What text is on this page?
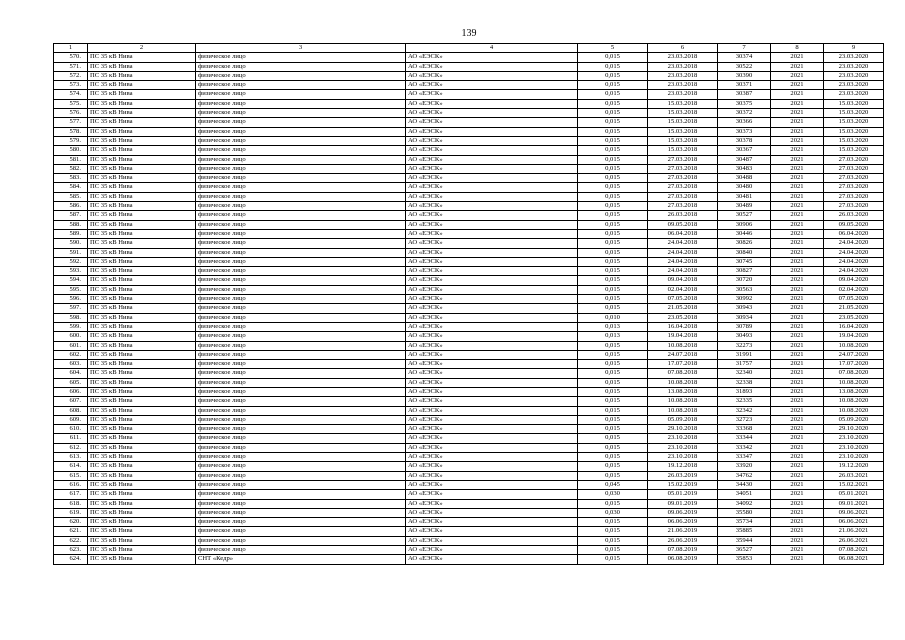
139
1	2	3	4	5	6	7	8	9
570.	ПС 35 кВ Нива	физическое лицо	АО «ЕЭСК»	0,015	23.03.2018	30374	2021	23.03.2020
571.	ПС 35 кВ Нива	физическое лицо	АО «ЕЭСК»	0,015	23.03.2018	30522	2021	23.03.2020
572.	ПС 35 кВ Нива	физическое лицо	АО «ЕЭСК»	0,015	23.03.2018	30390	2021	23.03.2020
573.	ПС 35 кВ Нива	физическое лицо	АО «ЕЭСК»	0,015	23.03.2018	30371	2021	23.03.2020
574.	ПС 35 кВ Нива	физическое лицо	АО «ЕЭСК»	0,015	23.03.2018	30387	2021	23.03.2020
575.	ПС 35 кВ Нива	физическое лицо	АО «ЕЭСК»	0,015	15.03.2018	30375	2021	15.03.2020
576.	ПС 35 кВ Нива	физическое лицо	АО «ЕЭСК»	0,015	15.03.2018	30372	2021	15.03.2020
577.	ПС 35 кВ Нива	физическое лицо	АО «ЕЭСК»	0,015	15.03.2018	30366	2021	15.03.2020
578.	ПС 35 кВ Нива	физическое лицо	АО «ЕЭСК»	0,015	15.03.2018	30373	2021	15.03.2020
579.	ПС 35 кВ Нива	физическое лицо	АО «ЕЭСК»	0,015	15.03.2018	30378	2021	15.03.2020
580.	ПС 35 кВ Нива	физическое лицо	АО «ЕЭСК»	0,015	15.03.2018	30367	2021	15.03.2020
581.	ПС 35 кВ Нива	физическое лицо	АО «ЕЭСК»	0,015	27.03.2018	30487	2021	27.03.2020
582.	ПС 35 кВ Нива	физическое лицо	АО «ЕЭСК»	0,015	27.03.2018	30483	2021	27.03.2020
583.	ПС 35 кВ Нива	физическое лицо	АО «ЕЭСК»	0,015	27.03.2018	30488	2021	27.03.2020
584.	ПС 35 кВ Нива	физическое лицо	АО «ЕЭСК»	0,015	27.03.2018	30480	2021	27.03.2020
585.	ПС 35 кВ Нива	физическое лицо	АО «ЕЭСК»	0,015	27.03.2018	30481	2021	27.03.2020
586.	ПС 35 кВ Нива	физическое лицо	АО «ЕЭСК»	0,015	27.03.2018	30489	2021	27.03.2020
587.	ПС 35 кВ Нива	физическое лицо	АО «ЕЭСК»	0,015	26.03.2018	30527	2021	26.03.2020
588.	ПС 35 кВ Нива	физическое лицо	АО «ЕЭСК»	0,015	09.05.2018	30906	2021	09.05.2020
589.	ПС 35 кВ Нива	физическое лицо	АО «ЕЭСК»	0,015	06.04.2018	30446	2021	06.04.2020
590.	ПС 35 кВ Нива	физическое лицо	АО «ЕЭСК»	0,015	24.04.2018	30826	2021	24.04.2020
591.	ПС 35 кВ Нива	физическое лицо	АО «ЕЭСК»	0,015	24.04.2018	30840	2021	24.04.2020
592.	ПС 35 кВ Нива	физическое лицо	АО «ЕЭСК»	0,015	24.04.2018	30745	2021	24.04.2020
593.	ПС 35 кВ Нива	физическое лицо	АО «ЕЭСК»	0,015	24.04.2018	30827	2021	24.04.2020
594.	ПС 35 кВ Нива	физическое лицо	АО «ЕЭСК»	0,015	09.04.2018	30720	2021	09.04.2020
595.	ПС 35 кВ Нива	физическое лицо	АО «ЕЭСК»	0,015	02.04.2018	30563	2021	02.04.2020
596.	ПС 35 кВ Нива	физическое лицо	АО «ЕЭСК»	0,015	07.05.2018	30992	2021	07.05.2020
597.	ПС 35 кВ Нива	физическое лицо	АО «ЕЭСК»	0,015	21.05.2018	30943	2021	21.05.2020
598.	ПС 35 кВ Нива	физическое лицо	АО «ЕЭСК»	0,010	23.05.2018	30934	2021	23.05.2020
599.	ПС 35 кВ Нива	физическое лицо	АО «ЕЭСК»	0,013	16.04.2018	30789	2021	16.04.2020
600.	ПС 35 кВ Нива	физическое лицо	АО «ЕЭСК»	0,013	19.04.2018	30493	2021	19.04.2020
601.	ПС 35 кВ Нива	физическое лицо	АО «ЕЭСК»	0,015	10.08.2018	32273	2021	10.08.2020
602.	ПС 35 кВ Нива	физическое лицо	АО «ЕЭСК»	0,015	24.07.2018	31991	2021	24.07.2020
603.	ПС 35 кВ Нива	физическое лицо	АО «ЕЭСК»	0,015	17.07.2018	31757	2021	17.07.2020
604.	ПС 35 кВ Нива	физическое лицо	АО «ЕЭСК»	0,015	07.08.2018	32340	2021	07.08.2020
605.	ПС 35 кВ Нива	физическое лицо	АО «ЕЭСК»	0,015	10.08.2018	32338	2021	10.08.2020
606.	ПС 35 кВ Нива	физическое лицо	АО «ЕЭСК»	0,015	13.08.2018	31893	2021	13.08.2020
607.	ПС 35 кВ Нива	физическое лицо	АО «ЕЭСК»	0,015	10.08.2018	32335	2021	10.08.2020
608.	ПС 35 кВ Нива	физическое лицо	АО «ЕЭСК»	0,015	10.08.2018	32342	2021	10.08.2020
609.	ПС 35 кВ Нива	физическое лицо	АО «ЕЭСК»	0,015	05.09.2018	32723	2021	05.09.2020
610.	ПС 35 кВ Нива	физическое лицо	АО «ЕЭСК»	0,015	29.10.2018	33368	2021	29.10.2020
611.	ПС 35 кВ Нива	физическое лицо	АО «ЕЭСК»	0,015	23.10.2018	33344	2021	23.10.2020
612.	ПС 35 кВ Нива	физическое лицо	АО «ЕЭСК»	0,015	23.10.2018	33342	2021	23.10.2020
613.	ПС 35 кВ Нива	физическое лицо	АО «ЕЭСК»	0,015	23.10.2018	33347	2021	23.10.2020
614.	ПС 35 кВ Нива	физическое лицо	АО «ЕЭСК»	0,015	19.12.2018	33920	2021	19.12.2020
615.	ПС 35 кВ Нива	физическое лицо	АО «ЕЭСК»	0,015	26.03.2019	34762	2021	26.03.2021
616.	ПС 35 кВ Нива	физическое лицо	АО «ЕЭСК»	0,045	15.02.2019	34430	2021	15.02.2021
617.	ПС 35 кВ Нива	физическое лицо	АО «ЕЭСК»	0,030	05.01.2019	34051	2021	05.01.2021
618.	ПС 35 кВ Нива	физическое лицо	АО «ЕЭСК»	0,015	09.01.2019	34092	2021	09.01.2021
619.	ПС 35 кВ Нива	физическое лицо	АО «ЕЭСК»	0,030	09.06.2019	35580	2021	09.06.2021
620.	ПС 35 кВ Нива	физическое лицо	АО «ЕЭСК»	0,015	06.06.2019	35734	2021	06.06.2021
621.	ПС 35 кВ Нива	физическое лицо	АО «ЕЭСК»	0,015	21.06.2019	35885	2021	21.06.2021
622.	ПС 35 кВ Нива	физическое лицо	АО «ЕЭСК»	0,015	26.06.2019	35944	2021	26.06.2021
623.	ПС 35 кВ Нива	физическое лицо	АО «ЕЭСК»	0,015	07.08.2019	36527	2021	07.08.2021
624.	ПС 35 кВ Нива	СНТ «Кедр»	АО «ЕЭСК»	0,015	06.08.2019	35853	2021	06.08.2021
